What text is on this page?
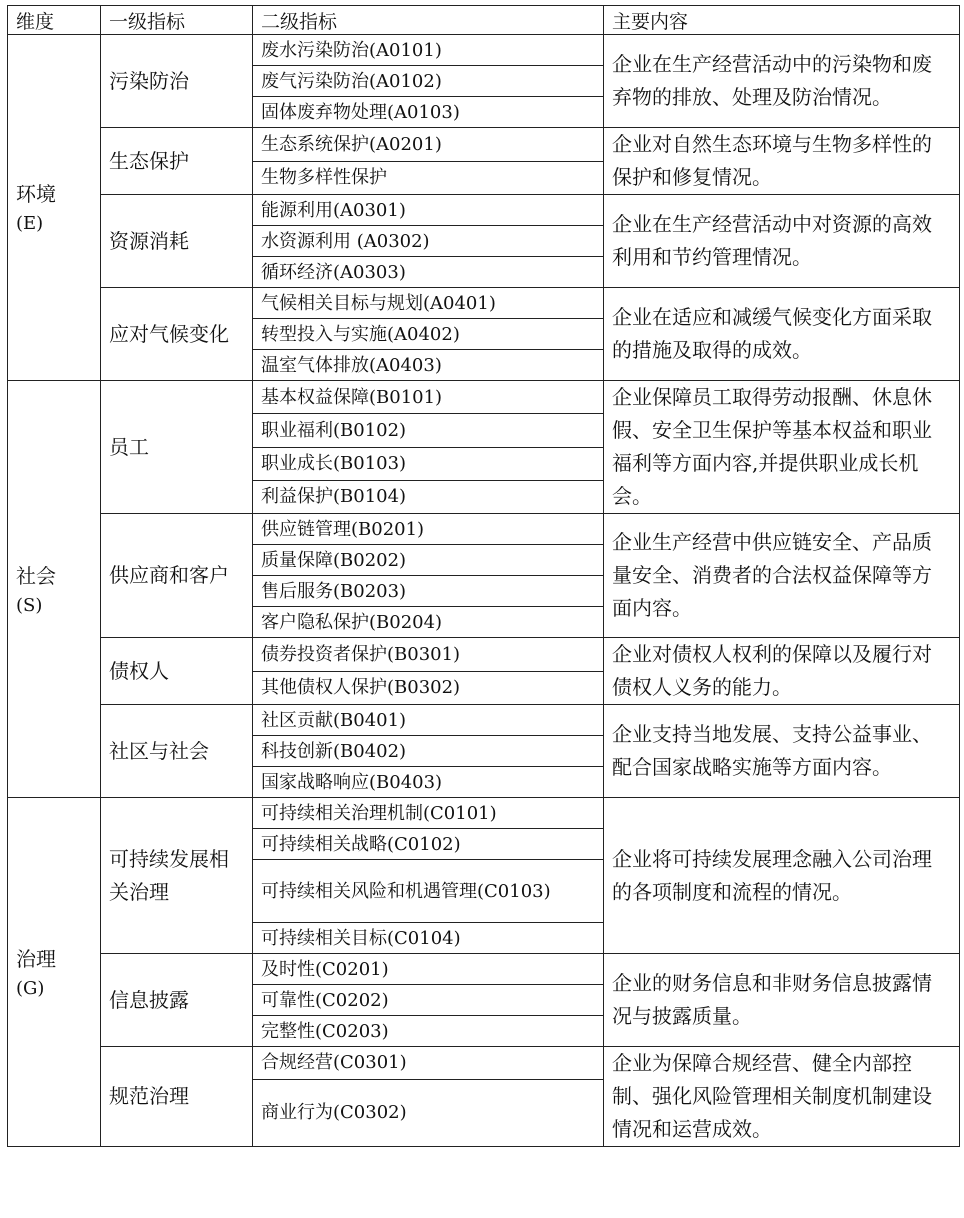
维度	一级指标	二级指标	主要内容

环境
(E)	污染防治	废水污染防治(A0101)	企业在生产经营活动中的污染物和废弃物的排放、处理及防治情况。
		废气污染防治(A0102)	
		固体废弃物处理(A0103)	
	生态保护	生态系统保护(A0201)	企业对自然生态环境与生物多样性的保护和修复情况。
		生物多样性保护	
	资源消耗	能源利用(A0301)	企业在生产经营活动中对资源的高效利用和节约管理情况。
		水资源利用 (A0302)	
		循环经济(A0303)	
	应对气候变化	气候相关目标与规划(A0401)	企业在适应和减缓气候变化方面采取的措施及取得的成效。
		转型投入与实施(A0402)	
		温室气体排放(A0403)	

社会
(S)	员工	基本权益保障(B0101)	企业保障员工取得劳动报酬、休息休假、安全卫生保护等基本权益和职业福利等方面内容,并提供职业成长机会。
		职业福利(B0102)	
		职业成长(B0103)	
		利益保护(B0104)	
	供应商和客户	供应链管理(B0201)	企业生产经营中供应链安全、产品质量安全、消费者的合法权益保障等方面内容。
		质量保障(B0202)	
		售后服务(B0203)	
		客户隐私保护(B0204)	
	债权人	债券投资者保护(B0301)	企业对债权人权利的保障以及履行对债权人义务的能力。
		其他债权人保护(B0302)	
	社区与社会	社区贡献(B0401)	企业支持当地发展、支持公益事业、配合国家战略实施等方面内容。
		科技创新(B0402)	
		国家战略响应(B0403)	

治理
(G)	可持续发展相关治理	可持续相关治理机制(C0101)	企业将可持续发展理念融入公司治理的各项制度和流程的情况。
		可持续相关战略(C0102)	
		可持续相关风险和机遇管理(C0103)	
		可持续相关目标(C0104)	
	信息披露	及时性(C0201)	企业的财务信息和非财务信息披露情况与披露质量。
		可靠性(C0202)	
		完整性(C0203)	
	规范治理	合规经营(C0301)	企业为保障合规经营、健全内部控制、强化风险管理相关制度机制建设情况和运营成效。
		商业行为(C0302)	
